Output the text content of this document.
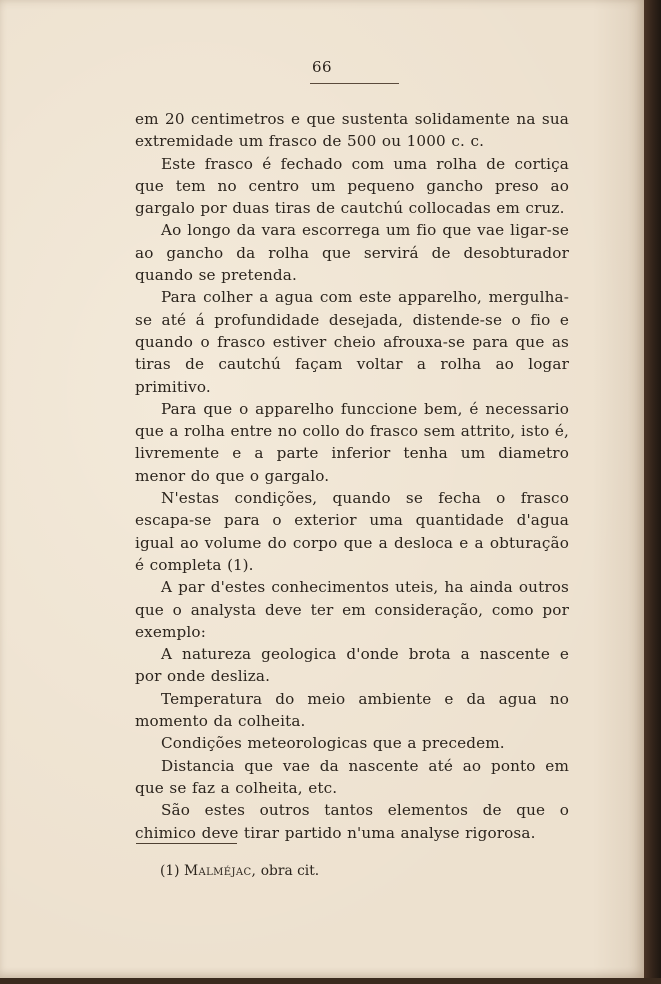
66

em 20 centimetros e que sustenta solidamente na sua extremidade um frasco de 500 ou 1000 c. c.

Este frasco é fechado com uma rolha de cortiça que tem no centro um pequeno gancho preso ao gargalo por duas tiras de cautchú collocadas em cruz.

Ao longo da vara escorrega um fio que vae ligar-se ao gancho da rolha que servirá de desobturador quando se pretenda.

Para colher a agua com este apparelho, mergulha-se até á profundidade desejada, distende-se o fio e quando o frasco estiver cheio afrouxa-se para que as tiras de cautchú façam voltar a rolha ao logar primitivo.

Para que o apparelho funccione bem, é necessario que a rolha entre no collo do frasco sem attrito, isto é, livremente e a parte inferior tenha um diametro menor do que o gargalo.

N'estas condições, quando se fecha o frasco escapa-se para o exterior uma quantidade d'agua igual ao volume do corpo que a desloca e a obturação é completa (1).

A par d'estes conhecimentos uteis, ha ainda outros que o analysta deve ter em consideração, como por exemplo:

A natureza geologica d'onde brota a nascente e por onde desliza.

Temperatura do meio ambiente e da agua no momento da colheita.

Condições meteorologicas que a precedem.

Distancia que vae da nascente até ao ponto em que se faz a colheita, etc.

São estes outros tantos elementos de que o chimico deve tirar partido n'uma analyse rigorosa.

(1) Malméjac, obra cit.
